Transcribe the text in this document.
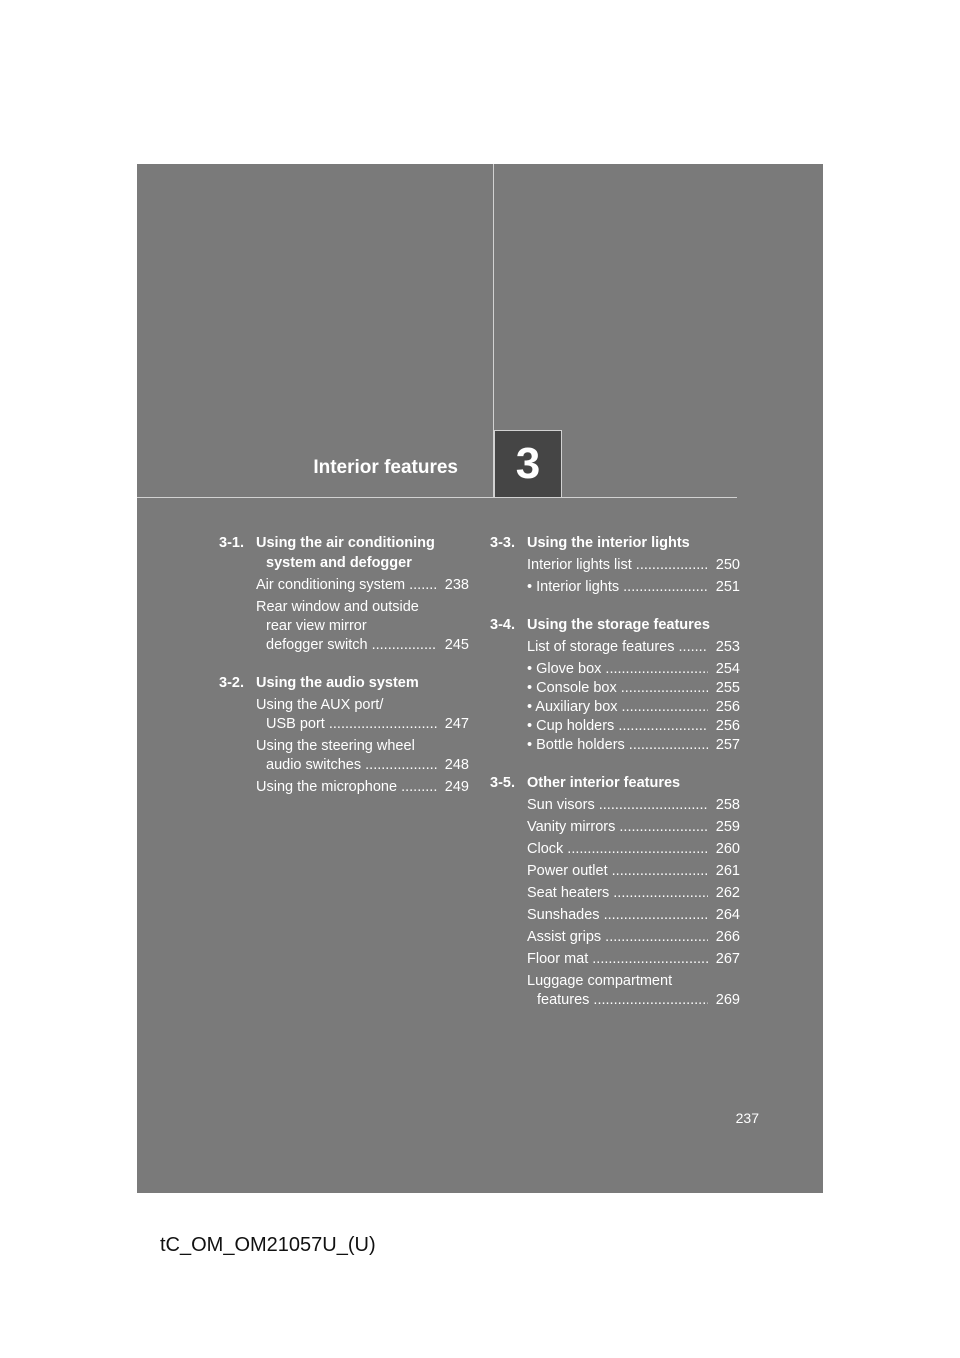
Interior features 3
3-1. Using the air conditioning
system and defogger
Air conditioning system .....	238
Rear window and outside
rear view mirror
defogger switch .....	245
3-2. Using the audio system
Using the AUX port/
USB port .....	247
Using the steering wheel
audio switches .....	248
Using the microphone .....	249
3-3. Using the interior lights
Interior lights list .....	250
• Interior lights .....	251
3-4. Using the storage features
List of storage features .....	253
• Glove box .....	254
• Console box .....	255
• Auxiliary box .....	256
• Cup holders .....	256
• Bottle holders .....	257
3-5. Other interior features
Sun visors .....	258
Vanity mirrors .....	259
Clock .....	260
Power outlet .....	261
Seat heaters .....	262
Sunshades .....	264
Assist grips .....	266
Floor mat .....	267
Luggage compartment
features .....	269
237
tC_OM_OM21057U_(U)
